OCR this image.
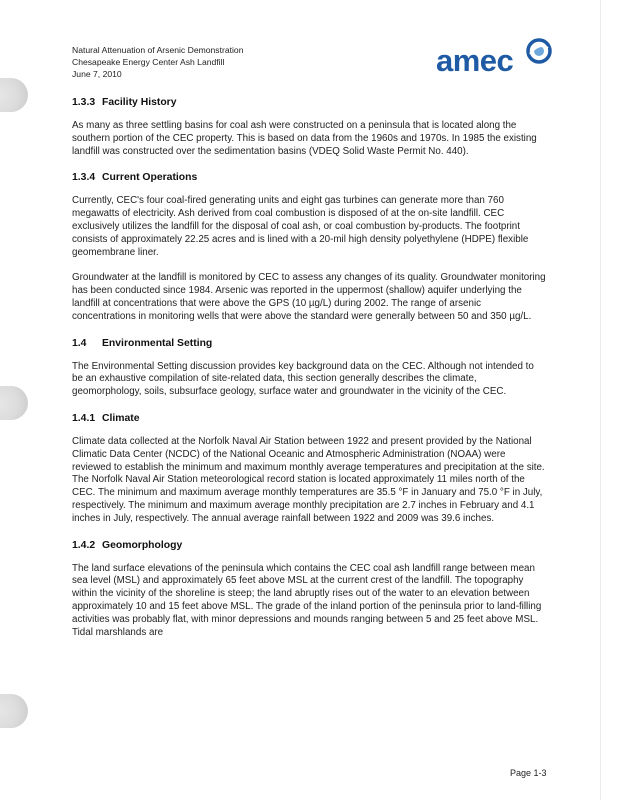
Natural Attenuation of Arsenic Demonstration
Chesapeake Energy Center Ash Landfill
June 7, 2010	amec
1.3.3 Facility History

As many as three settling basins for coal ash were constructed on a peninsula that is located along the southern portion of the CEC property. This is based on data from the 1960s and 1970s. In 1985 the existing landfill was constructed over the sedimentation basins (VDEQ Solid Waste Permit No. 440).

1.3.4 Current Operations

Currently, CEC's four coal-fired generating units and eight gas turbines can generate more than 760 megawatts of electricity. Ash derived from coal combustion is disposed of at the on-site landfill. CEC exclusively utilizes the landfill for the disposal of coal ash, or coal combustion by-products. The footprint consists of approximately 22.25 acres and is lined with a 20-mil high density polyethylene (HDPE) flexible geomembrane liner.

Groundwater at the landfill is monitored by CEC to assess any changes of its quality. Groundwater monitoring has been conducted since 1984. Arsenic was reported in the uppermost (shallow) aquifer underlying the landfill at concentrations that were above the GPS (10 µg/L) during 2002. The range of arsenic concentrations in monitoring wells that were above the standard were generally between 50 and 350 µg/L.

1.4 Environmental Setting

The Environmental Setting discussion provides key background data on the CEC. Although not intended to be an exhaustive compilation of site-related data, this section generally describes the climate, geomorphology, soils, subsurface geology, surface water and groundwater in the vicinity of the CEC.

1.4.1 Climate

Climate data collected at the Norfolk Naval Air Station between 1922 and present provided by the National Climatic Data Center (NCDC) of the National Oceanic and Atmospheric Administration (NOAA) were reviewed to establish the minimum and maximum monthly average temperatures and precipitation at the site. The Norfolk Naval Air Station meteorological record station is located approximately 11 miles north of the CEC. The minimum and maximum average monthly temperatures are 35.5 °F in January and 75.0 °F in July, respectively. The minimum and maximum average monthly precipitation are 2.7 inches in February and 4.1 inches in July, respectively. The annual average rainfall between 1922 and 2009 was 39.6 inches.

1.4.2 Geomorphology

The land surface elevations of the peninsula which contains the CEC coal ash landfill range between mean sea level (MSL) and approximately 65 feet above MSL at the current crest of the landfill. The topography within the vicinity of the shoreline is steep; the land abruptly rises out of the water to an elevation between approximately 10 and 15 feet above MSL. The grade of the inland portion of the peninsula prior to land-filling activities was probably flat, with minor depressions and mounds ranging between 5 and 25 feet above MSL. Tidal marshlands are

Page 1-3
